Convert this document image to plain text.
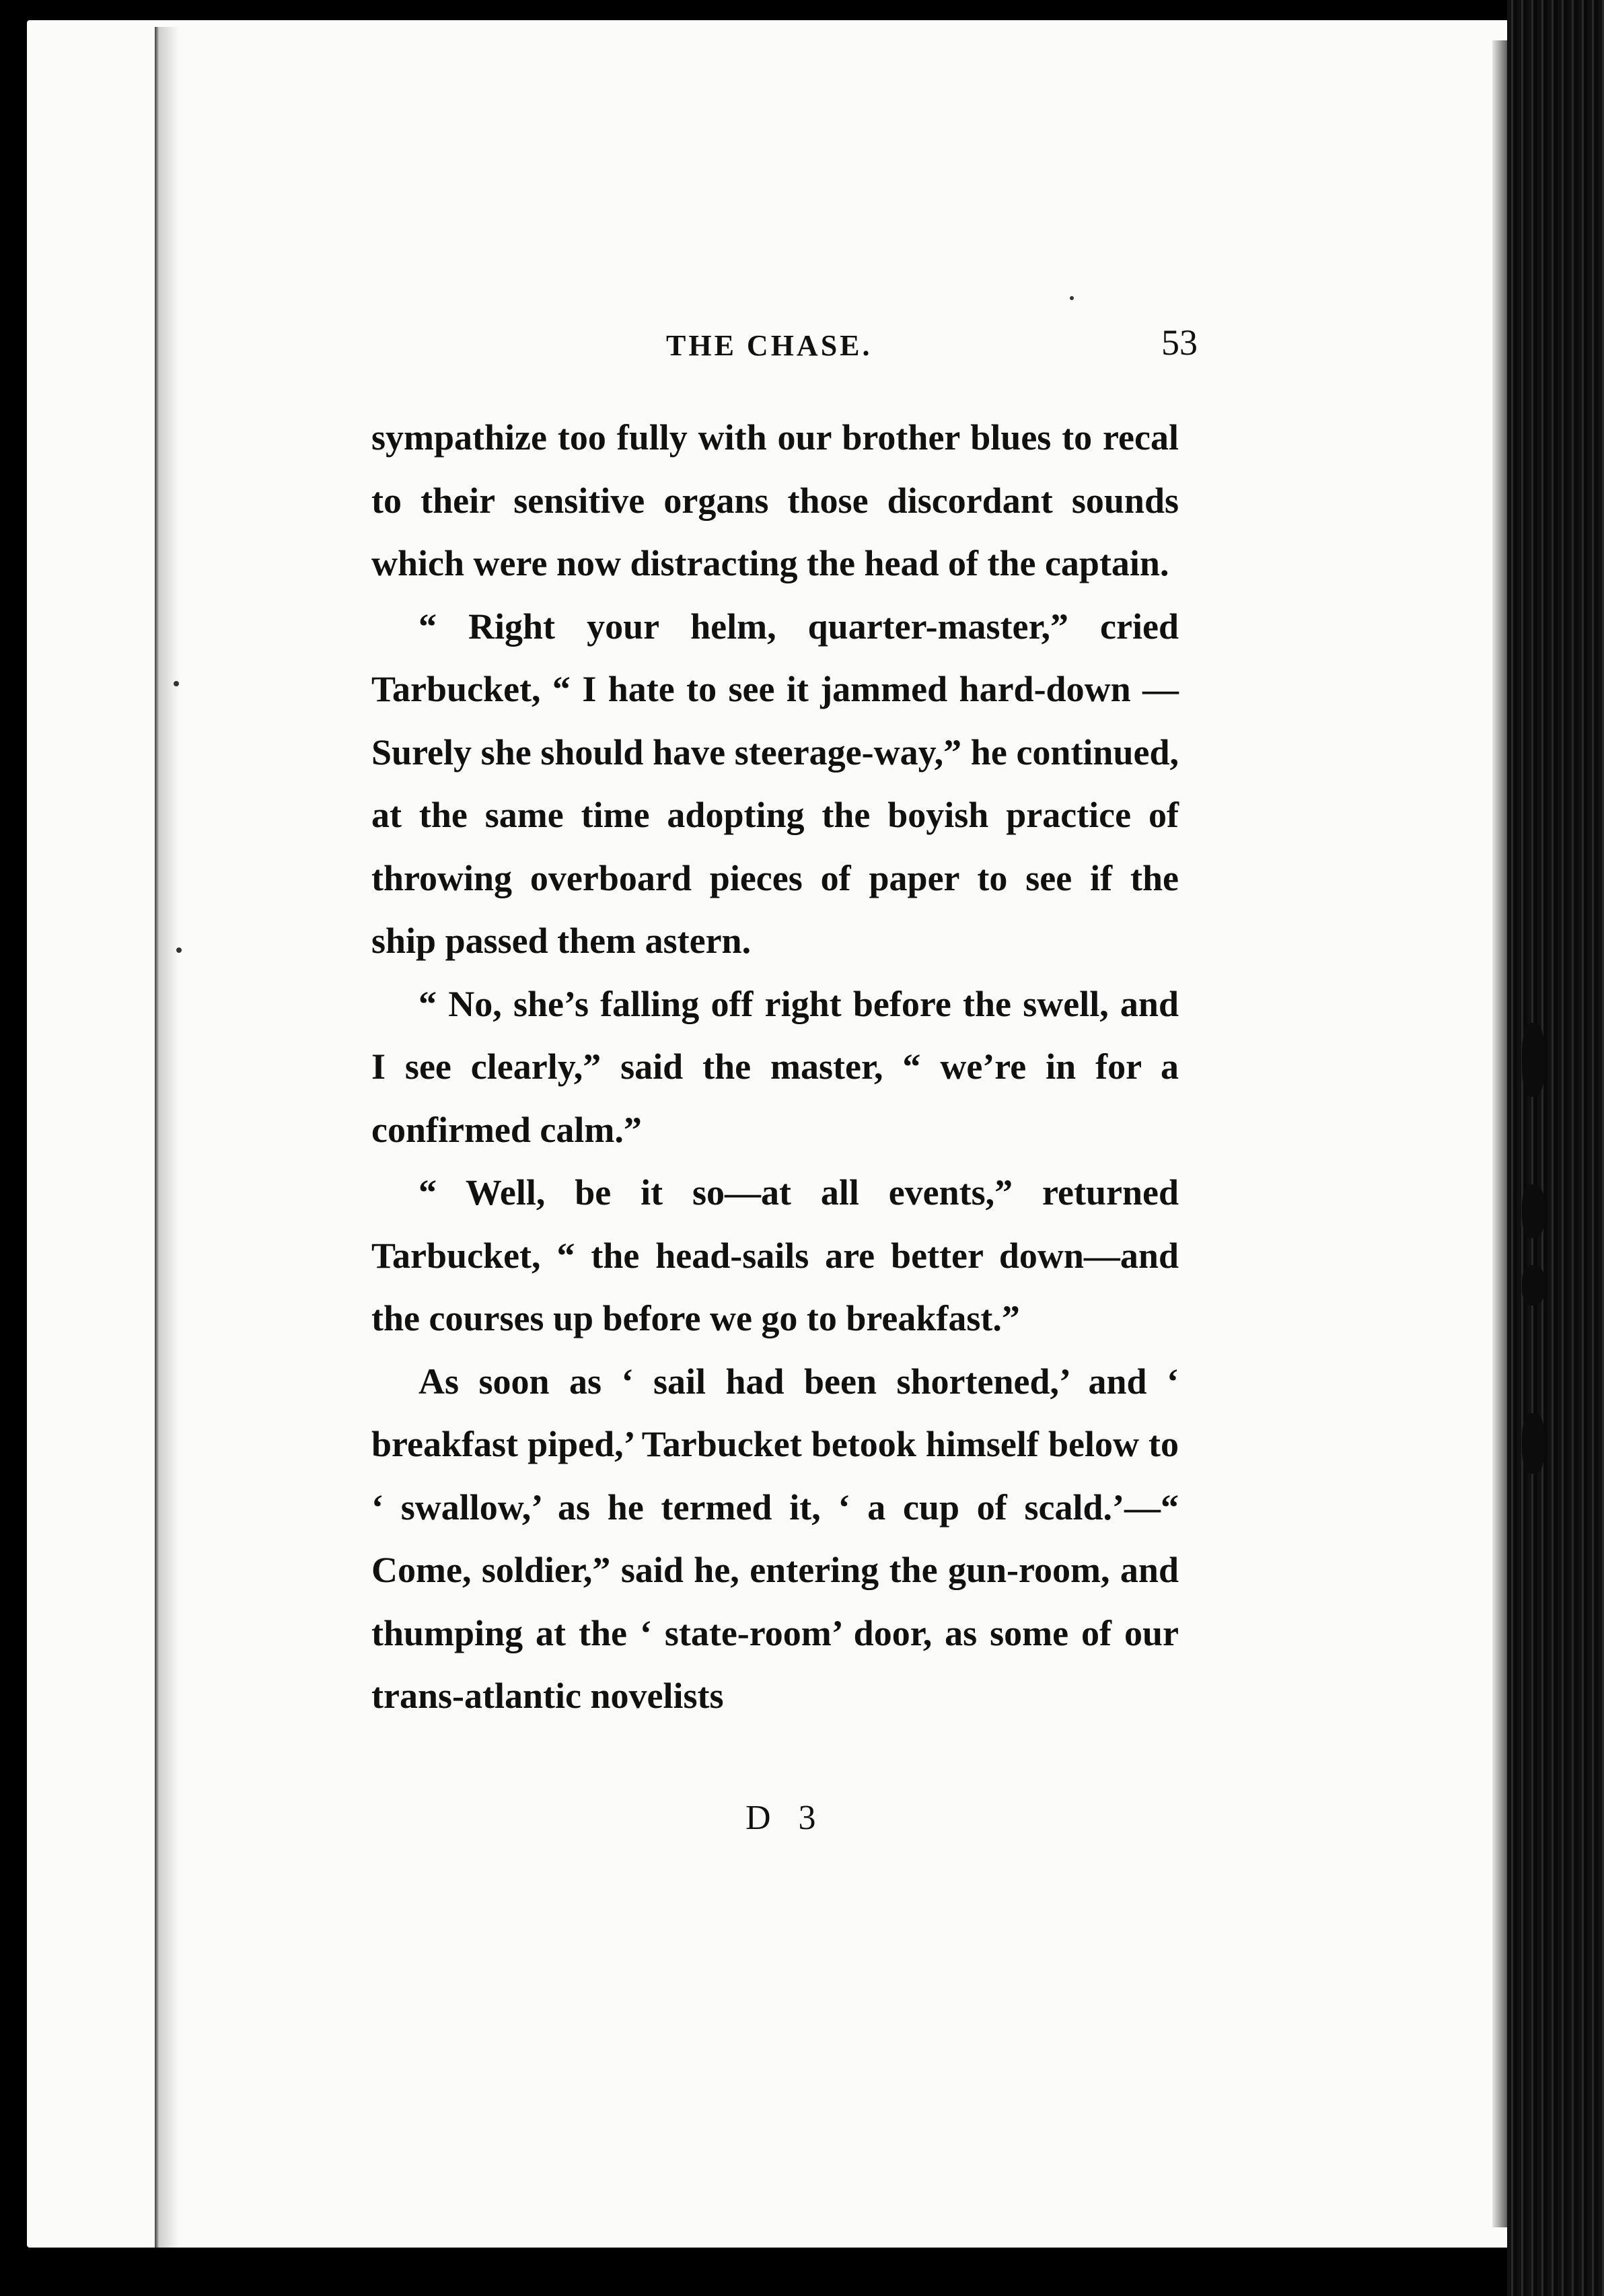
THE CHASE.	53

sympathize too fully with our brother blues to recal to their sensitive organs those discordant sounds which were now distracting the head of the captain.

“ Right your helm, quarter-master,” cried Tarbucket, “ I hate to see it jammed hard-down —Surely she should have steerage-way,” he continued, at the same time adopting the boyish practice of throwing overboard pieces of paper to see if the ship passed them astern.

“ No, she’s falling off right before the swell, and I see clearly,” said the master, “ we’re in for a confirmed calm.”

“ Well, be it so—at all events,” returned Tarbucket, “ the head-sails are better down—and the courses up before we go to breakfast.”

As soon as ‘ sail had been shortened,’ and ‘ breakfast piped,’ Tarbucket betook himself below to ‘ swallow,’ as he termed it, ‘ a cup of scald.’—“ Come, soldier,” said he, entering the gun-room, and thumping at the ‘ state-room’ door, as some of our trans-atlantic novelists

D 3
